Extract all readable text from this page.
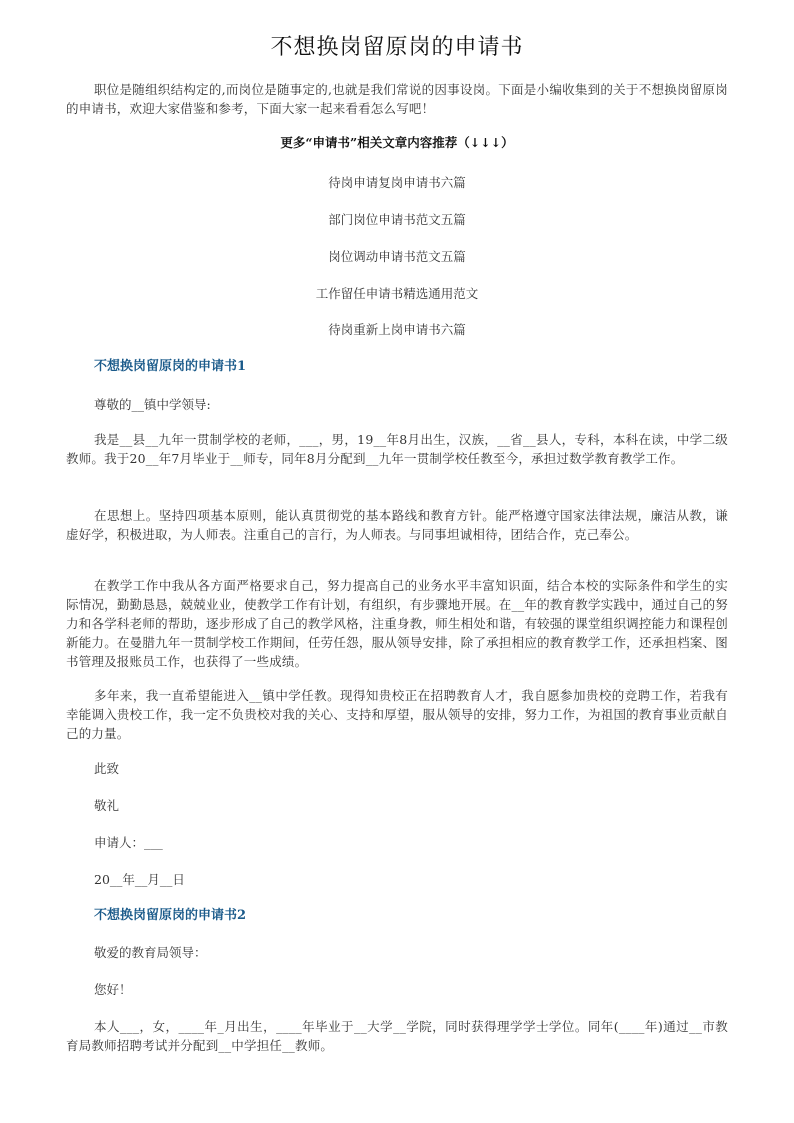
不想换岗留原岗的申请书
职位是随组织结构定的,而岗位是随事定的,也就是我们常说的因事设岗。下面是小编收集到的关于不想换岗留原岗的申请书，欢迎大家借鉴和参考，下面大家一起来看看怎么写吧！
更多“申请书”相关文章内容推荐（↓↓↓）
待岗申请复岗申请书六篇
部门岗位申请书范文五篇
岗位调动申请书范文五篇
工作留任申请书精选通用范文
待岗重新上岗申请书六篇
不想换岗留原岗的申请书1
尊敬的__镇中学领导:
我是__县__九年一贯制学校的老师，___，男，19__年8月出生，汉族，__省__县人，专科，本科在读，中学二级教师。我于20__年7月毕业于__师专，同年8月分配到__九年一贯制学校任教至今，承担过数学教育教学工作。
在思想上。坚持四项基本原则，能认真贯彻党的基本路线和教育方针。能严格遵守国家法律法规，廉洁从教，谦虚好学，积极进取，为人师表。注重自己的言行，为人师表。与同事坦诚相待，团结合作，克己奉公。
在教学工作中我从各方面严格要求自己，努力提高自己的业务水平丰富知识面，结合本校的实际条件和学生的实际情况，勤勤恳恳，兢兢业业，使教学工作有计划，有组织，有步骤地开展。在__年的教育教学实践中，通过自己的努力和各学科老师的帮助，逐步形成了自己的教学风格，注重身教，师生相处和谐，有较强的课堂组织调控能力和课程创新能力。在曼腊九年一贯制学校工作期间，任劳任怨，服从领导安排，除了承担相应的教育教学工作，还承担档案、图书管理及报账员工作，也获得了一些成绩。
多年来，我一直希望能进入__镇中学任教。现得知贵校正在招聘教育人才，我自愿参加贵校的竞聘工作，若我有幸能调入贵校工作，我一定不负贵校对我的关心、支持和厚望，服从领导的安排，努力工作，为祖国的教育事业贡献自己的力量。
此致
敬礼
申请人：___
20__年__月__日
不想换岗留原岗的申请书2
敬爱的教育局领导：
您好！
本人___，女，____年_月出生，____年毕业于__大学__学院，同时获得理学学士学位。同年(____年)通过__市教育局教师招聘考试并分配到__中学担任__教师。
